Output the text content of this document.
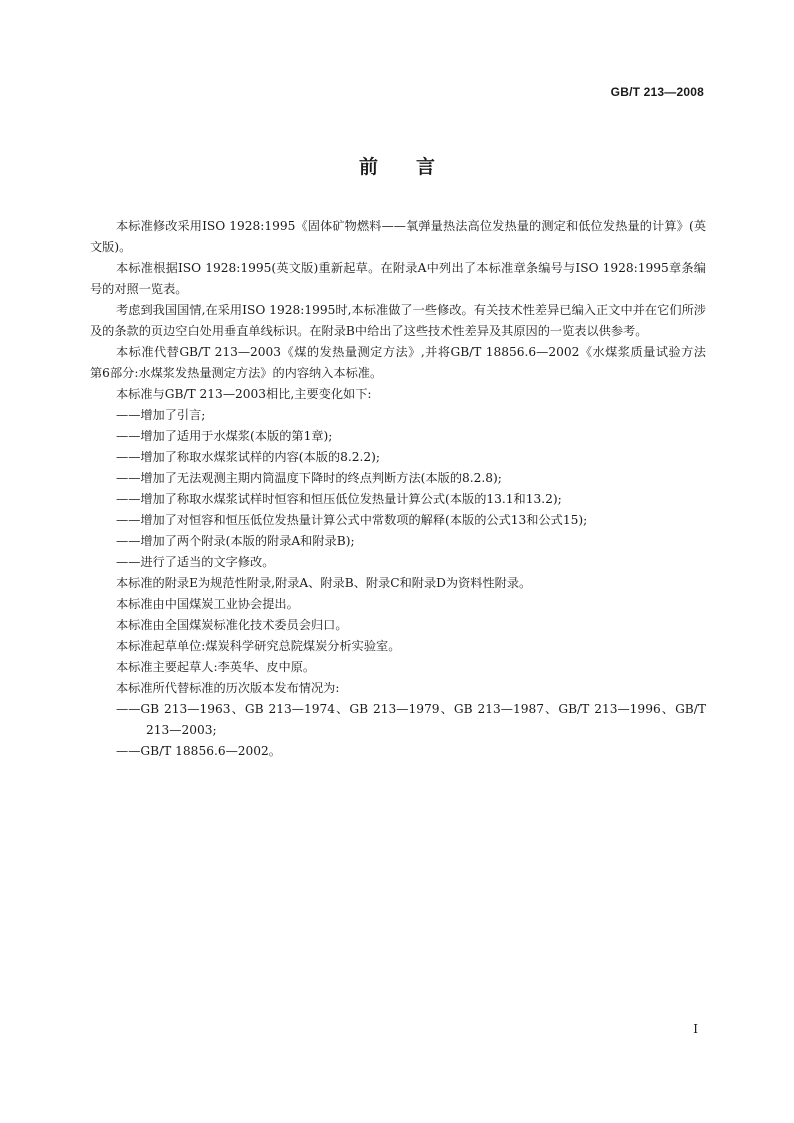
GB/T 213—2008
前 言

本标准修改采用ISO 1928:1995《固体矿物燃料——氧弹量热法高位发热量的测定和低位发热量的计算》(英文版)。

本标准根据ISO 1928:1995(英文版)重新起草。在附录A中列出了本标准章条编号与ISO 1928:1995章条编号的对照一览表。

考虑到我国国情,在采用ISO 1928:1995时,本标准做了一些修改。有关技术性差异已编入正文中并在它们所涉及的条款的页边空白处用垂直单线标识。在附录B中给出了这些技术性差异及其原因的一览表以供参考。

本标准代替GB/T 213—2003《煤的发热量测定方法》,并将GB/T 18856.6—2002《水煤浆质量试验方法 第6部分:水煤浆发热量测定方法》的内容纳入本标准。

本标准与GB/T 213—2003相比,主要变化如下:

——增加了引言;

——增加了适用于水煤浆(本版的第1章);

——增加了称取水煤浆试样的内容(本版的8.2.2);

——增加了无法观测主期内筒温度下降时的终点判断方法(本版的8.2.8);

——增加了称取水煤浆试样时恒容和恒压低位发热量计算公式(本版的13.1和13.2);

——增加了对恒容和恒压低位发热量计算公式中常数项的解释(本版的公式13和公式15);

——增加了两个附录(本版的附录A和附录B);

——进行了适当的文字修改。

本标准的附录E为规范性附录,附录A、附录B、附录C和附录D为资料性附录。

本标准由中国煤炭工业协会提出。

本标准由全国煤炭标准化技术委员会归口。

本标准起草单位:煤炭科学研究总院煤炭分析实验室。

本标准主要起草人:李英华、皮中原。

本标准所代替标准的历次版本发布情况为:

——GB 213—1963、GB 213—1974、GB 213—1979、GB 213—1987、GB/T 213—1996、GB/T 213—2003;

——GB/T 18856.6—2002。

I
